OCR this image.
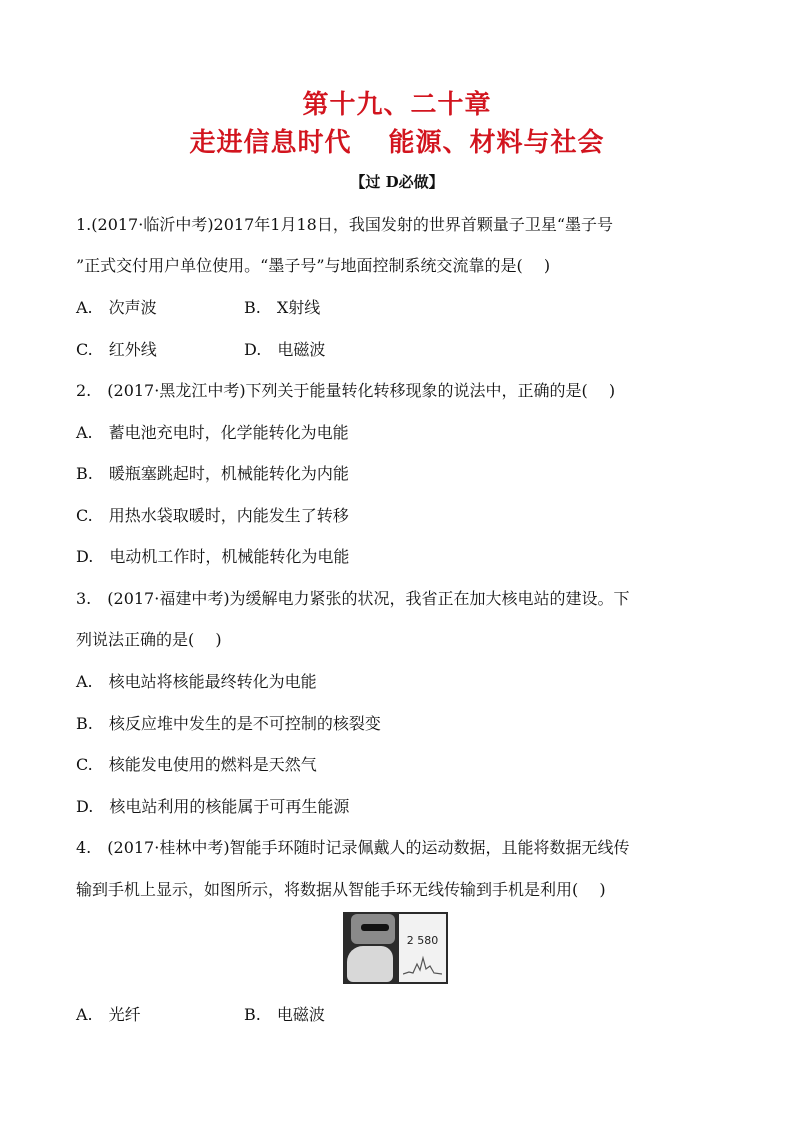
第十九、二十章
走进信息时代　 能源、材料与社会
【过 D必做】
1.(2017·临沂中考)2017年1月18日，我国发射的世界首颗量子卫星“墨子号
”正式交付用户单位使用。“墨子号”与地面控制系统交流靠的是(　 )
A.　次声波	B.　X射线
C.　红外线	D.　电磁波
2.　(2017·黑龙江中考)下列关于能量转化转移现象的说法中，正确的是(　 )
A.　蓄电池充电时，化学能转化为电能
B.　暖瓶塞跳起时，机械能转化为内能
C.　用热水袋取暖时，内能发生了转移
D.　电动机工作时，机械能转化为电能
3.　(2017·福建中考)为缓解电力紧张的状况，我省正在加大核电站的建设。下
列说法正确的是(　 )
A.　核电站将核能最终转化为电能
B.　核反应堆中发生的是不可控制的核裂变
C.　核能发电使用的燃料是天然气
D.　核电站利用的核能属于可再生能源
4.　(2017·桂林中考)智能手环随时记录佩戴人的运动数据，且能将数据无线传
输到手机上显示，如图所示，将数据从智能手环无线传输到手机是利用(　 )
2 580
A.　光纤	B.　电磁波
